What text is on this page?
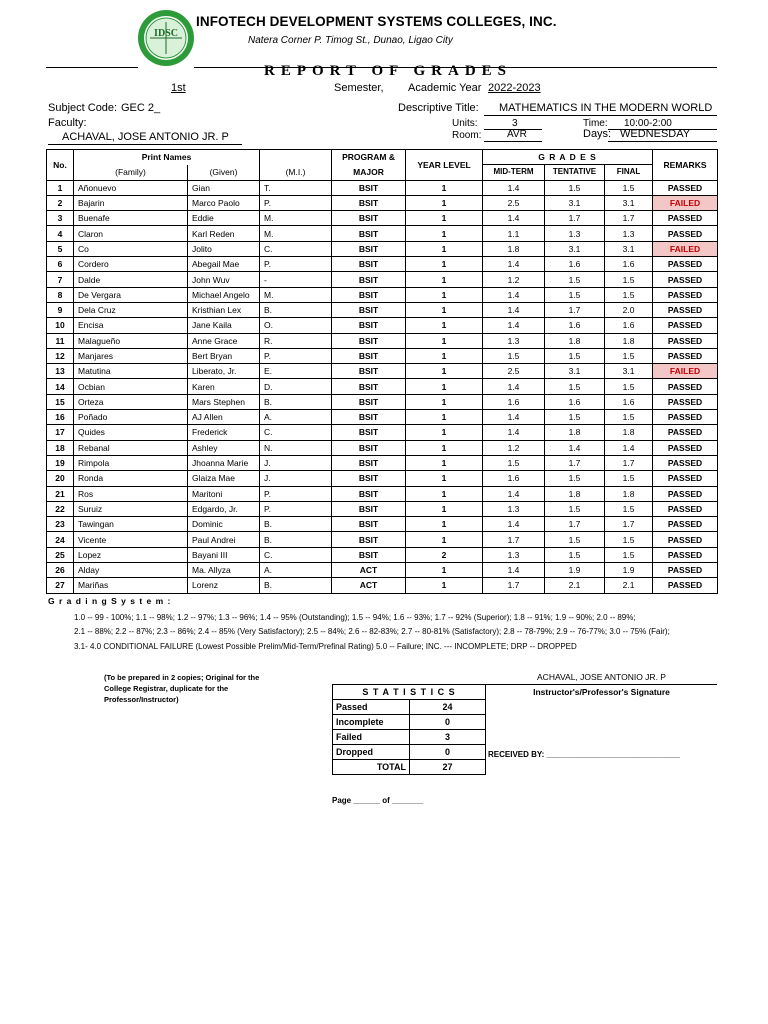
IDSC
INFOTECH DEVELOPMENT SYSTEMS COLLEGES, INC.
Natera Corner P. Timog St., Dunao, Ligao City
REPORT OF GRADES
1st	Semester, Academic Year 2022-2023
Subject Code: GEC 2_	Descriptive Title: MATHEMATICS IN THE MODERN WORLD
Faculty:
ACHAVAL, JOSE ANTONIO JR. P
Units:	3	Time: 10:00-2:00
Room:	AVR	Days: WEDNESDAY
No.	Print Names			PROGRAM &	YEAR LEVEL	G R A D E S			REMARKS
	(Family)	(Given)	(M.I.)	MAJOR		MID-TERM	TENTATIVE	FINAL	
1	Añonuevo	Gian	T.	BSIT	1	1.4	1.5	1.5	PASSED
2	Bajarin	Marco Paolo	P.	BSIT	1	2.5	3.1	3.1	FAILED
3	Buenafe	Eddie	M.	BSIT	1	1.4	1.7	1.7	PASSED
4	Claron	Karl Reden	M.	BSIT	1	1.1	1.3	1.3	PASSED
5	Co	Jolito	C.	BSIT	1	1.8	3.1	3.1	FAILED
6	Cordero	Abegail Mae	P.	BSIT	1	1.4	1.6	1.6	PASSED
7	Dalde	John Wuv	-	BSIT	1	1.2	1.5	1.5	PASSED
8	De Vergara	Michael Angelo	M.	BSIT	1	1.4	1.5	1.5	PASSED
9	Dela Cruz	Kristhian Lex	B.	BSIT	1	1.4	1.7	2.0	PASSED
10	Encisa	Jane Kaila	O.	BSIT	1	1.4	1.6	1.6	PASSED
11	Malagueño	Anne Grace	R.	BSIT	1	1.3	1.8	1.8	PASSED
12	Manjares	Bert Bryan	P.	BSIT	1	1.5	1.5	1.5	PASSED
13	Matutina	Liberato, Jr.	E.	BSIT	1	2.5	3.1	3.1	FAILED
14	Ocbian	Karen	D.	BSIT	1	1.4	1.5	1.5	PASSED
15	Orteza	Mars Stephen	B.	BSIT	1	1.6	1.6	1.6	PASSED
16	Poñado	AJ Allen	A.	BSIT	1	1.4	1.5	1.5	PASSED
17	Quides	Frederick	C.	BSIT	1	1.4	1.8	1.8	PASSED
18	Rebanal	Ashley	N.	BSIT	1	1.2	1.4	1.4	PASSED
19	Rimpola	Jhoanna Marie	J.	BSIT	1	1.5	1.7	1.7	PASSED
20	Ronda	Glaiza Mae	J.	BSIT	1	1.6	1.5	1.5	PASSED
21	Ros	Maritoni	P.	BSIT	1	1.4	1.8	1.8	PASSED
22	Suruiz	Edgardo, Jr.	P.	BSIT	1	1.3	1.5	1.5	PASSED
23	Tawingan	Dominic	B.	BSIT	1	1.4	1.7	1.7	PASSED
24	Vicente	Paul Andrei	B.	BSIT	1	1.7	1.5	1.5	PASSED
25	Lopez	Bayani III	C.	BSIT	2	1.3	1.5	1.5	PASSED
26	Alday	Ma. Allyza	A.	ACT	1	1.4	1.9	1.9	PASSED
27	Mariñas	Lorenz	B.	ACT	1	1.7	2.1	2.1	PASSED
G r a d i n g S y s t e m :
1.0 -- 99 - 100%; 1.1 -- 98%; 1.2 -- 97%; 1.3 -- 96%; 1.4 -- 95% (Outstanding); 1.5 -- 94%; 1.6 -- 93%; 1.7 -- 92% (Superior); 1.8 -- 91%; 1.9 -- 90%; 2.0 -- 89%;
2.1 -- 88%; 2.2 -- 87%; 2.3 -- 86%; 2.4 -- 85% (Very Satisfactory); 2.5 -- 84%; 2.6 -- 82-83%; 2.7 -- 80-81% (Satisfactory); 2.8 -- 78-79%; 2.9 -- 76-77%; 3.0 -- 75% (Fair);
3.1- 4.0 CONDITIONAL FAILURE (Lowest Possible Prelim/Mid-Term/Prefinal Rating) 5.0 -- Failure; INC. --- INCOMPLETE; DRP -- DROPPED
(To be prepared in 2 copies; Original for the
College Registrar, duplicate for the
Professor/Instructor)
S T A T I S T I C S	
Passed	24
Incomplete	0
Failed	3
Dropped	0
TOTAL	27
ACHAVAL, JOSE ANTONIO JR. P
Instructor's/Professor's Signature
RECEIVED BY: ______________________________
Page ______ of _______
